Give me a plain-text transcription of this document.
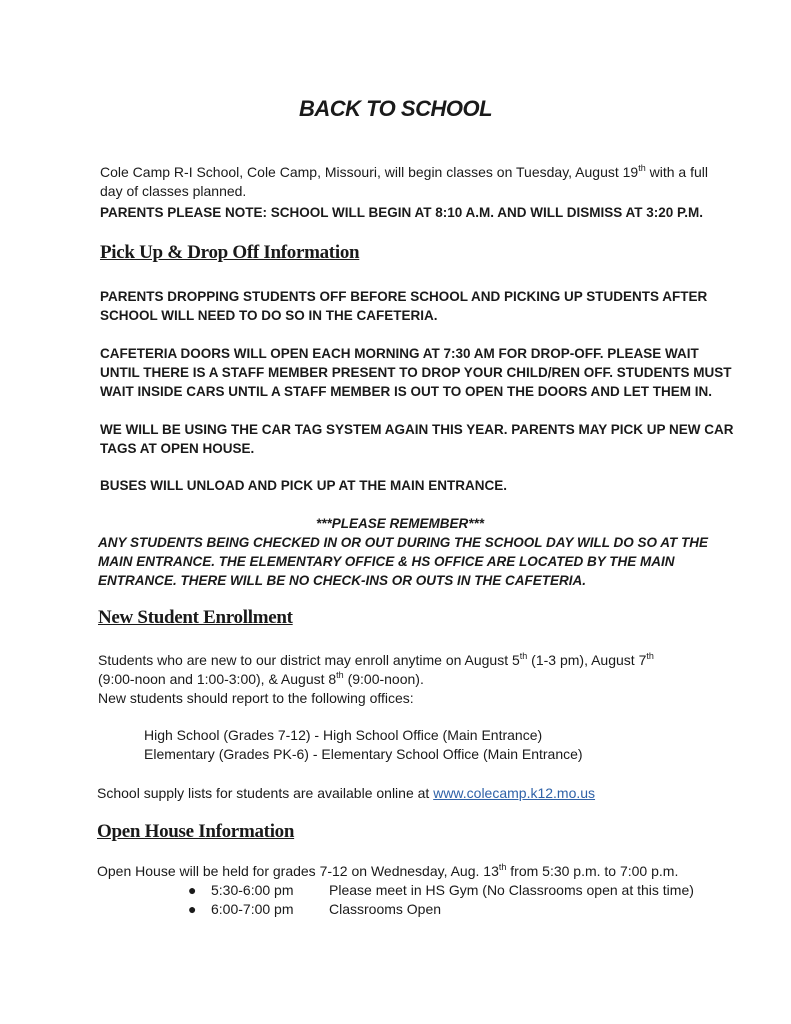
BACK TO SCHOOL
Cole Camp R-I School, Cole Camp, Missouri, will begin classes on Tuesday, August 19th with a full
day of classes planned.
PARENTS PLEASE NOTE: SCHOOL WILL BEGIN AT 8:10 A.M. AND WILL DISMISS AT 3:20 P.M.
Pick Up & Drop Off Information
PARENTS DROPPING STUDENTS OFF BEFORE SCHOOL AND PICKING UP STUDENTS AFTER
SCHOOL WILL NEED TO DO SO IN THE CAFETERIA.
CAFETERIA DOORS WILL OPEN EACH MORNING AT 7:30 AM FOR DROP-OFF. PLEASE WAIT
UNTIL THERE IS A STAFF MEMBER PRESENT TO DROP YOUR CHILD/REN OFF. STUDENTS MUST
WAIT INSIDE CARS UNTIL A STAFF MEMBER IS OUT TO OPEN THE DOORS AND LET THEM IN.
WE WILL BE USING THE CAR TAG SYSTEM AGAIN THIS YEAR. PARENTS MAY PICK UP NEW CAR
TAGS AT OPEN HOUSE.
BUSES WILL UNLOAD AND PICK UP AT THE MAIN ENTRANCE.
***PLEASE REMEMBER***
ANY STUDENTS BEING CHECKED IN OR OUT DURING THE SCHOOL DAY WILL DO SO AT THE
MAIN ENTRANCE. THE ELEMENTARY OFFICE & HS OFFICE ARE LOCATED BY THE MAIN
ENTRANCE. THERE WILL BE NO CHECK-INS OR OUTS IN THE CAFETERIA.
New Student Enrollment
Students who are new to our district may enroll anytime on August 5th (1-3 pm), August 7th
(9:00-noon and 1:00-3:00), & August 8th (9:00-noon).
New students should report to the following offices:
High School (Grades 7-12) - High School Office (Main Entrance)
Elementary (Grades PK-6) - Elementary School Office (Main Entrance)
School supply lists for students are available online at www.colecamp.k12.mo.us
Open House Information
Open House will be held for grades 7-12 on Wednesday, Aug. 13th from 5:30 p.m. to 7:00 p.m.
● 5:30-6:00 pm	Please meet in HS Gym (No Classrooms open at this time)
● 6:00-7:00 pm	Classrooms Open
